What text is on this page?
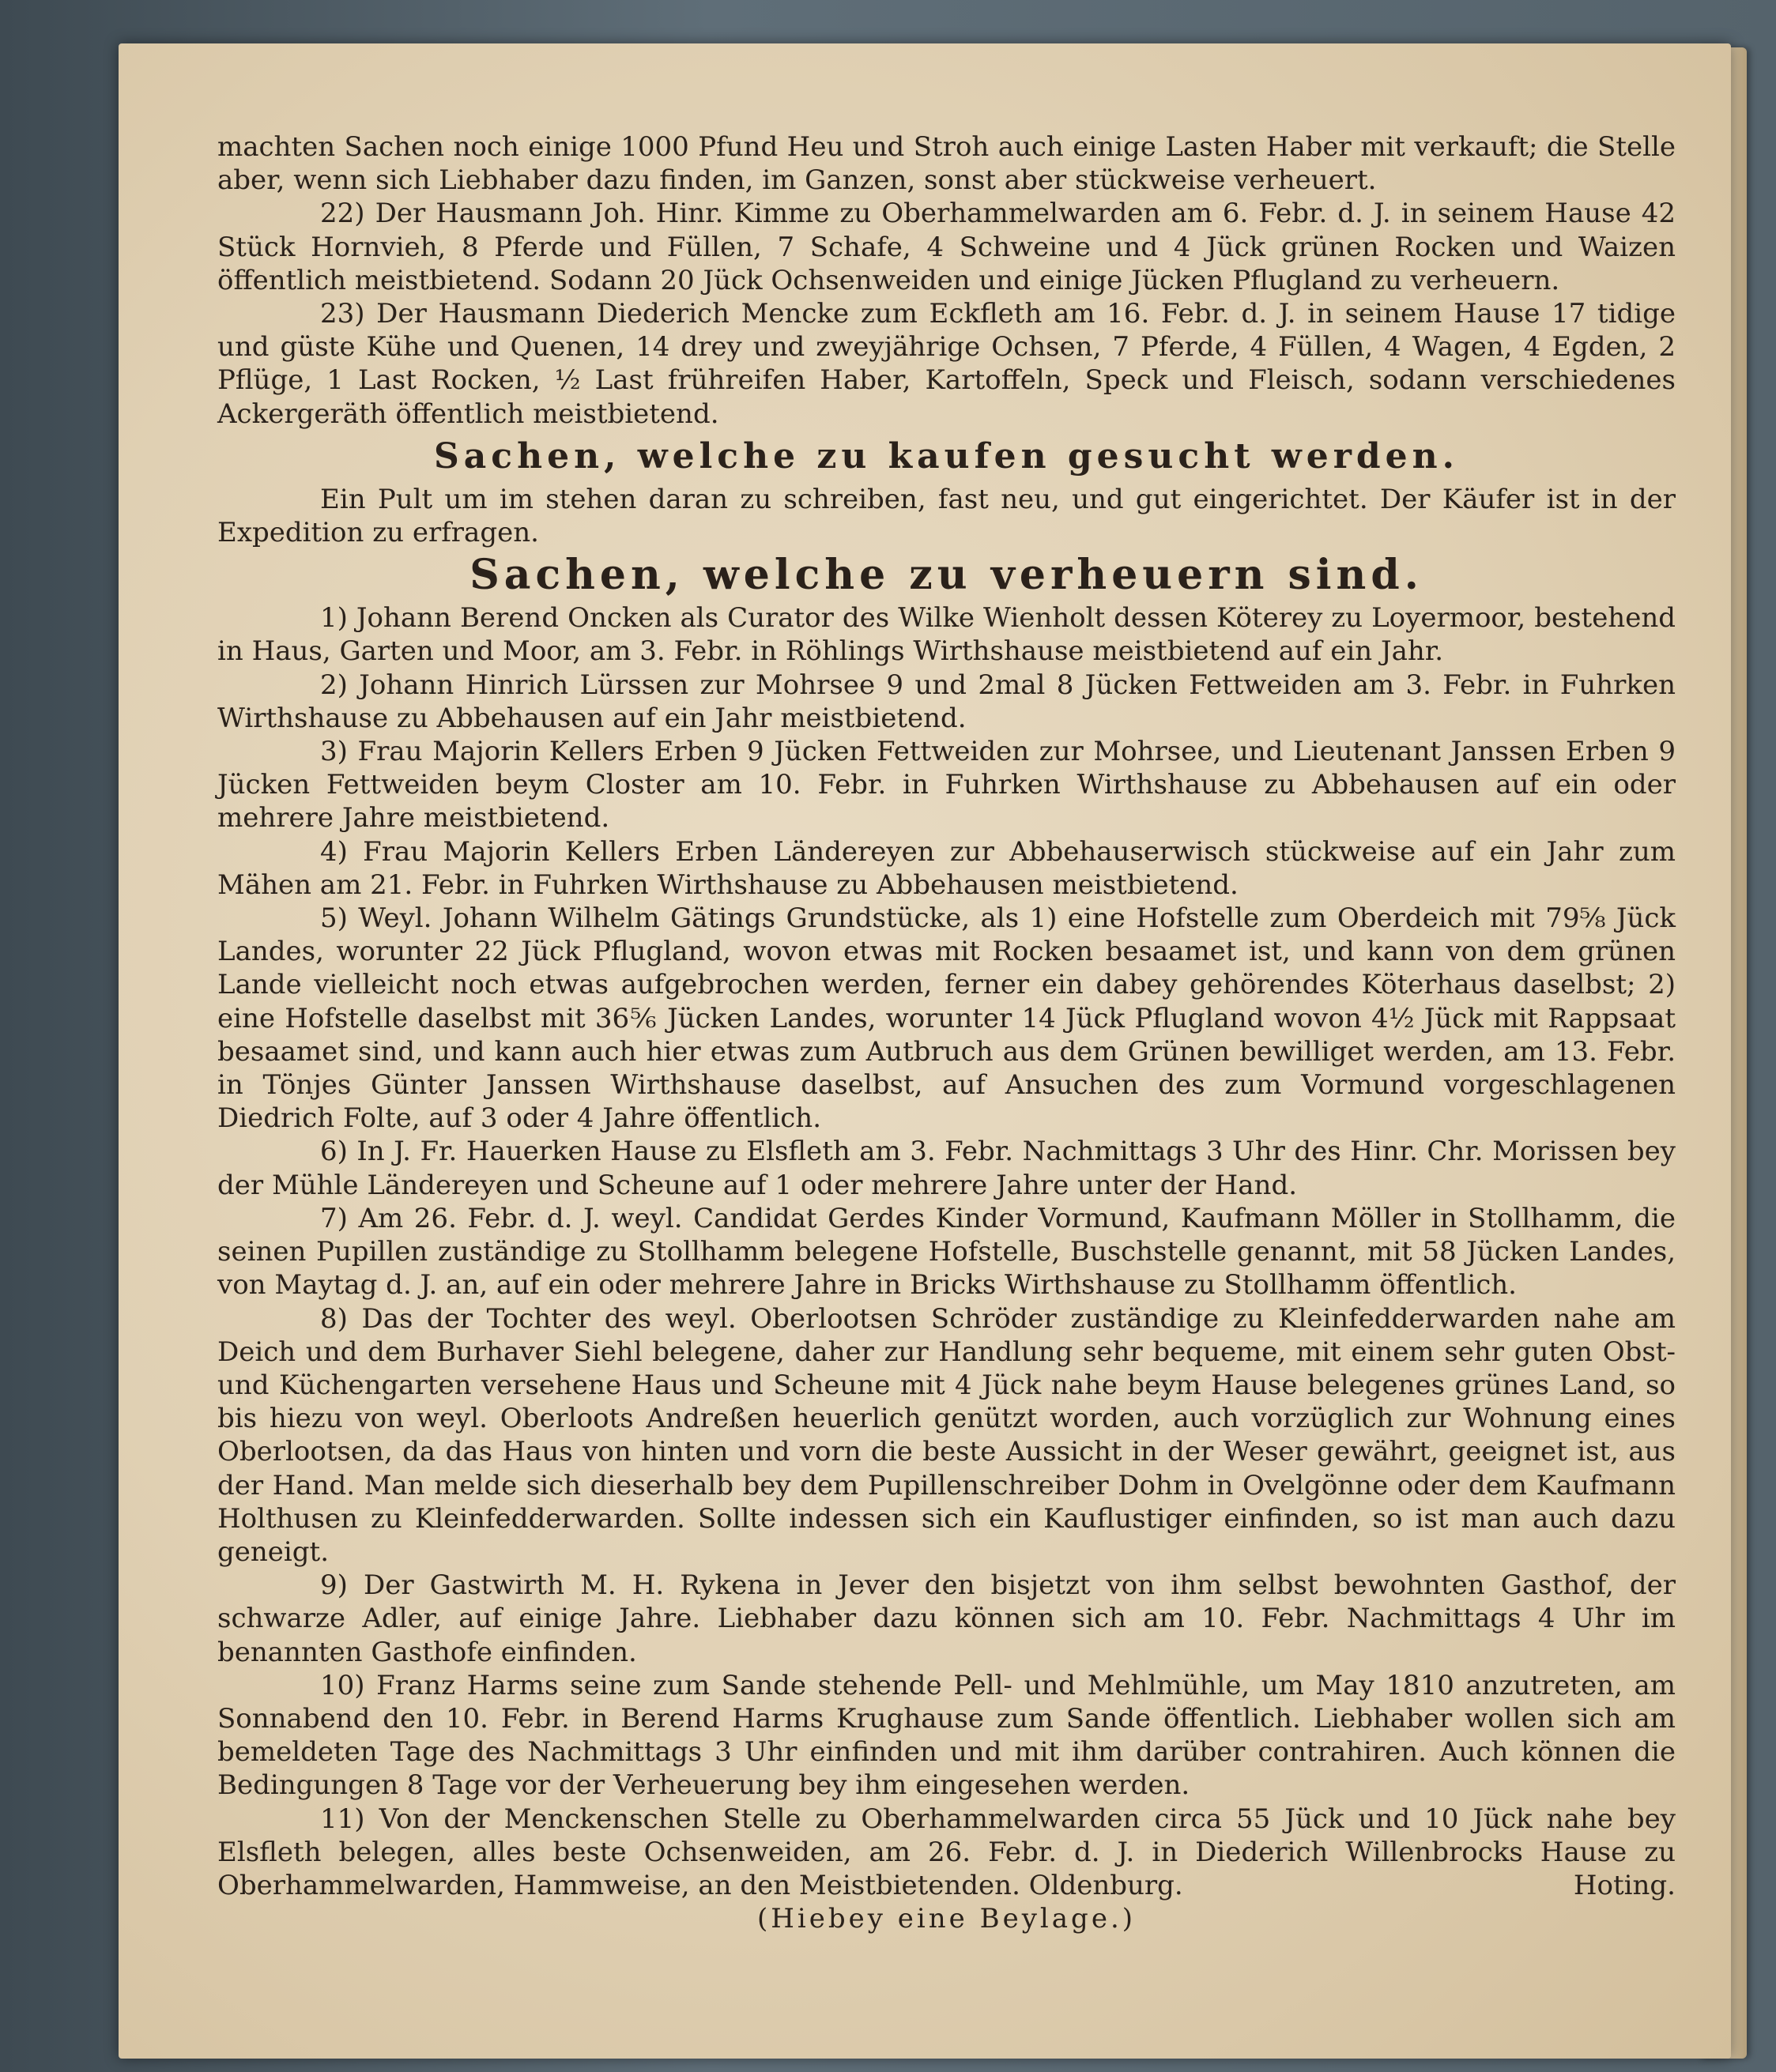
machten Sachen noch einige 1000 Pfund Heu und Stroh auch einige Lasten Haber mit verkauft; die Stelle aber, wenn sich Liebhaber dazu finden, im Ganzen, sonst aber stückweise verheuert.

22) Der Hausmann Joh. Hinr. Kimme zu Oberhammelwarden am 6. Febr. d. J. in seinem Hause 42 Stück Hornvieh, 8 Pferde und Füllen, 7 Schafe, 4 Schweine und 4 Jück grünen Rocken und Waizen öffentlich meistbietend. Sodann 20 Jück Ochsenweiden und einige Jücken Pflugland zu verheuern.

23) Der Hausmann Diederich Mencke zum Eckfleth am 16. Febr. d. J. in seinem Hause 17 tidige und güste Kühe und Quenen, 14 drey und zweyjährige Ochsen, 7 Pferde, 4 Füllen, 4 Wagen, 4 Egden, 2 Pflüge, 1 Last Rocken, ½ Last frühreifen Haber, Kartoffeln, Speck und Fleisch, sodann verschiedenes Ackergeräth öffentlich meistbietend.

Sachen, welche zu kaufen gesucht werden.

Ein Pult um im stehen daran zu schreiben, fast neu, und gut eingerichtet. Der Käufer ist in der Expedition zu erfragen.

Sachen, welche zu verheuern sind.

1) Johann Berend Oncken als Curator des Wilke Wienholt dessen Köterey zu Loyermoor, bestehend in Haus, Garten und Moor, am 3. Febr. in Röhlings Wirthshause meistbietend auf ein Jahr.

2) Johann Hinrich Lürssen zur Mohrsee 9 und 2mal 8 Jücken Fettweiden am 3. Febr. in Fuhrken Wirthshause zu Abbehausen auf ein Jahr meistbietend.

3) Frau Majorin Kellers Erben 9 Jücken Fettweiden zur Mohrsee, und Lieutenant Janssen Erben 9 Jücken Fettweiden beym Closter am 10. Febr. in Fuhrken Wirthshause zu Abbehausen auf ein oder mehrere Jahre meistbietend.

4) Frau Majorin Kellers Erben Ländereyen zur Abbehauserwisch stückweise auf ein Jahr zum Mähen am 21. Febr. in Fuhrken Wirthshause zu Abbehausen meistbietend.

5) Weyl. Johann Wilhelm Gätings Grundstücke, als 1) eine Hofstelle zum Oberdeich mit 79⅝ Jück Landes, worunter 22 Jück Pflugland, wovon etwas mit Rocken besaamet ist, und kann von dem grünen Lande vielleicht noch etwas aufgebrochen werden, ferner ein dabey gehörendes Köterhaus daselbst; 2) eine Hofstelle daselbst mit 36⅚ Jücken Landes, worunter 14 Jück Pflugland wovon 4½ Jück mit Rappsaat besaamet sind, und kann auch hier etwas zum Autbruch aus dem Grünen bewilliget werden, am 13. Febr. in Tönjes Günter Janssen Wirthshause daselbst, auf Ansuchen des zum Vormund vorgeschlagenen Diedrich Folte, auf 3 oder 4 Jahre öffentlich.

6) In J. Fr. Hauerken Hause zu Elsfleth am 3. Febr. Nachmittags 3 Uhr des Hinr. Chr. Morissen bey der Mühle Ländereyen und Scheune auf 1 oder mehrere Jahre unter der Hand.

7) Am 26. Febr. d. J. weyl. Candidat Gerdes Kinder Vormund, Kaufmann Möller in Stollhamm, die seinen Pupillen zuständige zu Stollhamm belegene Hofstelle, Buschstelle genannt, mit 58 Jücken Landes, von Maytag d. J. an, auf ein oder mehrere Jahre in Bricks Wirthshause zu Stollhamm öffentlich.

8) Das der Tochter des weyl. Oberlootsen Schröder zuständige zu Kleinfedderwarden nahe am Deich und dem Burhaver Siehl belegene, daher zur Handlung sehr bequeme, mit einem sehr guten Obst- und Küchengarten versehene Haus und Scheune mit 4 Jück nahe beym Hause belegenes grünes Land, so bis hiezu von weyl. Oberloots Andreßen heuerlich genützt worden, auch vorzüglich zur Wohnung eines Oberlootsen, da das Haus von hinten und vorn die beste Aussicht in der Weser gewährt, geeignet ist, aus der Hand. Man melde sich dieserhalb bey dem Pupillenschreiber Dohm in Ovelgönne oder dem Kaufmann Holthusen zu Kleinfedderwarden. Sollte indessen sich ein Kauflustiger einfinden, so ist man auch dazu geneigt.

9) Der Gastwirth M. H. Rykena in Jever den bisjetzt von ihm selbst bewohnten Gasthof, der schwarze Adler, auf einige Jahre. Liebhaber dazu können sich am 10. Febr. Nachmittags 4 Uhr im benannten Gasthofe einfinden.

10) Franz Harms seine zum Sande stehende Pell- und Mehlmühle, um May 1810 anzutreten, am Sonnabend den 10. Febr. in Berend Harms Krughause zum Sande öffentlich. Liebhaber wollen sich am bemeldeten Tage des Nachmittags 3 Uhr einfinden und mit ihm darüber contrahiren. Auch können die Bedingungen 8 Tage vor der Verheuerung bey ihm eingesehen werden.

11) Von der Menckenschen Stelle zu Oberhammelwarden circa 55 Jück und 10 Jück nahe bey Elsfleth belegen, alles beste Ochsenweiden, am 26. Febr. d. J. in Diederich Willenbrocks Hause zu Oberhammelwarden, Hammweise, an den Meistbietenden. Oldenburg.	Hoting.

(Hiebey eine Beylage.)
